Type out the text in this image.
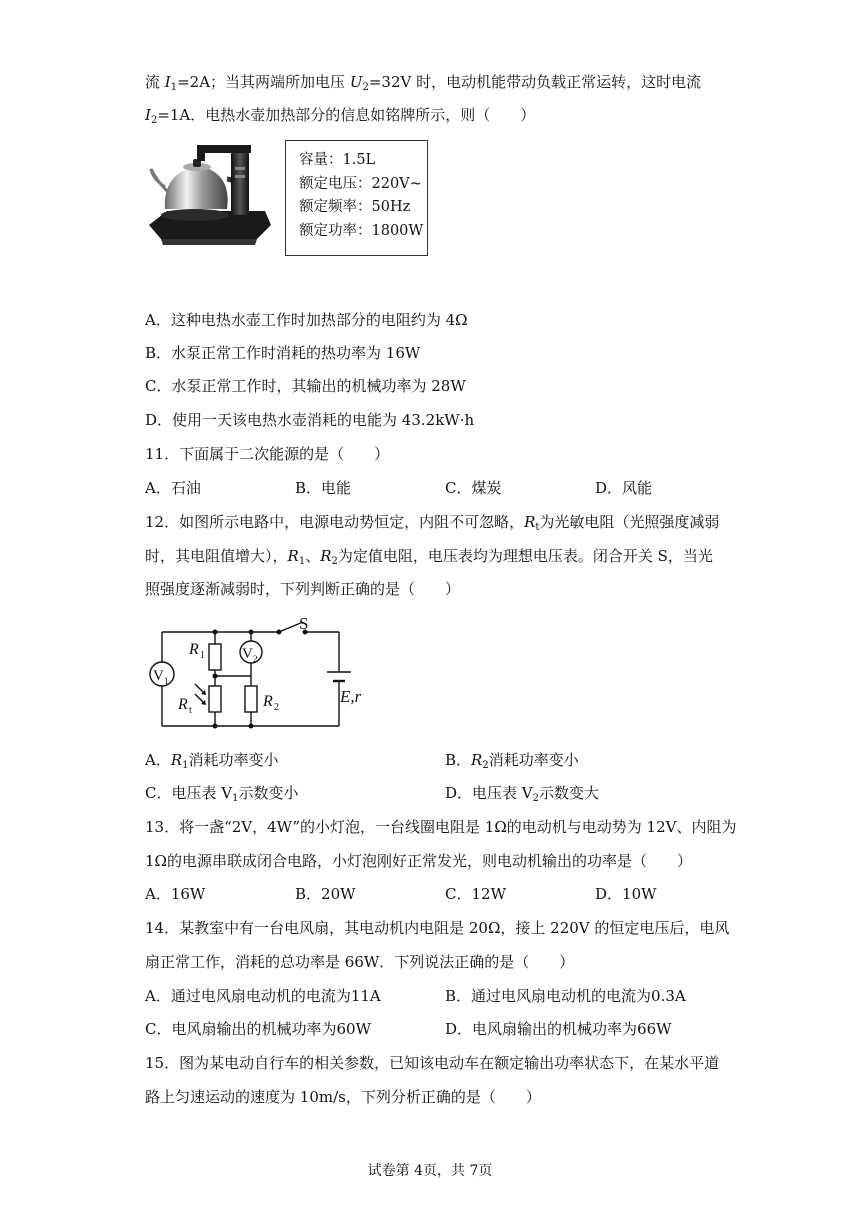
流 $I_1=2A$；当其两端所加电压 $U_2=32V$ 时，电动机能带动负载正常运转，这时电流
$I_2=1A$．电热水壶加热部分的信息如铭牌所示，则（　　）
容量：1.5L
额定电压：220V~
额定频率：50Hz
额定功率：1800W
A．这种电热水壶工作时加热部分的电阻约为 4Ω
B．水泵正常工作时消耗的热功率为 16W
C．水泵正常工作时，其输出的机械功率为 28W
D．使用一天该电热水壶消耗的电能为 43.2kW·h
11．下面属于二次能源的是（　　）
A．石油	B．电能	C．煤炭	D．风能
12．如图所示电路中，电源电动势恒定，内阻不可忽略，$R_t$为光敏电阻（光照强度减弱
时，其电阻值增大），$R_1$、$R_2$为定值电阻，电压表均为理想电压表。闭合开关 S，当光
照强度逐渐减弱时，下列判断正确的是（　　）
S
R 1 V 2
V 1
R t
R 2
E,r
A．$R_1$消耗功率变小	B．$R_2$消耗功率变小
C．电压表 $V_1$示数变小	D．电压表 $V_2$示数变大
13．将一盏“2V，4W”的小灯泡，一台线圈电阻是 1Ω的电动机与电动势为 12V、内阻为
1Ω的电源串联成闭合电路，小灯泡刚好正常发光，则电动机输出的功率是（　　）
A．16W	B．20W	C．12W	D．10W
14．某教室中有一台电风扇，其电动机内电阻是 20Ω，接上 220V 的恒定电压后，电风
扇正常工作，消耗的总功率是 66W．下列说法正确的是（　　）
A．通过电风扇电动机的电流为11A	B．通过电风扇电动机的电流为0.3A
C．电风扇输出的机械功率为60W	D．电风扇输出的机械功率为66W
15．图为某电动自行车的相关参数，已知该电动车在额定输出功率状态下，在某水平道
路上匀速运动的速度为 10m/s，下列分析正确的是（　　）
试卷第 4页，共 7页
